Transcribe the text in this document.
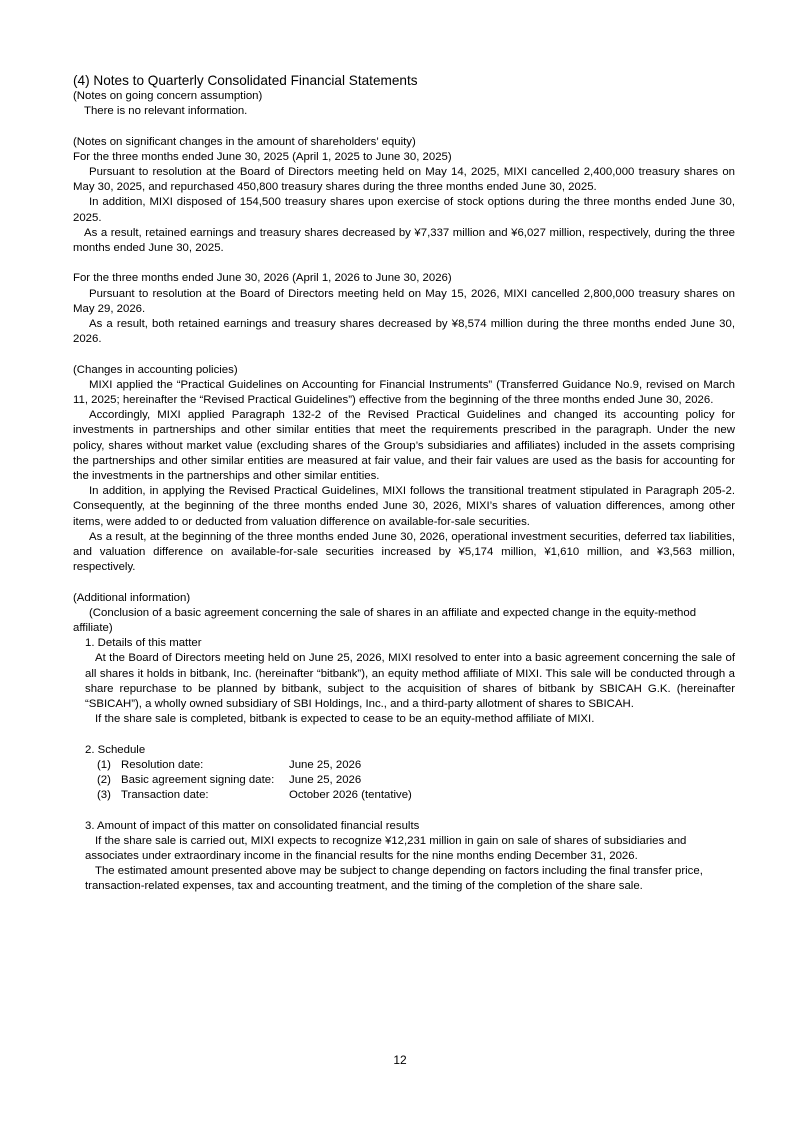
(4) Notes to Quarterly Consolidated Financial Statements

(Notes on going concern assumption)

There is no relevant information.

(Notes on significant changes in the amount of shareholders’ equity)

For the three months ended June 30, 2025 (April 1, 2025 to June 30, 2025)

Pursuant to resolution at the Board of Directors meeting held on May 14, 2025, MIXI cancelled 2,400,000 treasury shares on May 30, 2025, and repurchased 450,800 treasury shares during the three months ended June 30, 2025.

In addition, MIXI disposed of 154,500 treasury shares upon exercise of stock options during the three months ended June 30, 2025.

As a result, retained earnings and treasury shares decreased by ¥7,337 million and ¥6,027 million, respectively, during the three months ended June 30, 2025.

For the three months ended June 30, 2026 (April 1, 2026 to June 30, 2026)

Pursuant to resolution at the Board of Directors meeting held on May 15, 2026, MIXI cancelled 2,800,000 treasury shares on May 29, 2026.

As a result, both retained earnings and treasury shares decreased by ¥8,574 million during the three months ended June 30, 2026.

(Changes in accounting policies)

MIXI applied the “Practical Guidelines on Accounting for Financial Instruments” (Transferred Guidance No.9, revised on March 11, 2025; hereinafter the “Revised Practical Guidelines”) effective from the beginning of the three months ended June 30, 2026.

Accordingly, MIXI applied Paragraph 132-2 of the Revised Practical Guidelines and changed its accounting policy for investments in partnerships and other similar entities that meet the requirements prescribed in the paragraph. Under the new policy, shares without market value (excluding shares of the Group’s subsidiaries and affiliates) included in the assets comprising the partnerships and other similar entities are measured at fair value, and their fair values are used as the basis for accounting for the investments in the partnerships and other similar entities.

In addition, in applying the Revised Practical Guidelines, MIXI follows the transitional treatment stipulated in Paragraph 205-2. Consequently, at the beginning of the three months ended June 30, 2026, MIXI’s shares of valuation differences, among other items, were added to or deducted from valuation difference on available-for-sale securities.

As a result, at the beginning of the three months ended June 30, 2026, operational investment securities, deferred tax liabilities, and valuation difference on available-for-sale securities increased by ¥5,174 million, ¥1,610 million, and ¥3,563 million, respectively.

(Additional information)

(Conclusion of a basic agreement concerning the sale of shares in an affiliate and expected change in the equity-method affiliate)

1. Details of this matter

At the Board of Directors meeting held on June 25, 2026, MIXI resolved to enter into a basic agreement concerning the sale of all shares it holds in bitbank, Inc. (hereinafter “bitbank”), an equity method affiliate of MIXI. This sale will be conducted through a share repurchase to be planned by bitbank, subject to the acquisition of shares of bitbank by SBICAH G.K. (hereinafter “SBICAH”), a wholly owned subsidiary of SBI Holdings, Inc., and a third-party allotment of shares to SBICAH.

If the share sale is completed, bitbank is expected to cease to be an equity-method affiliate of MIXI.

2. Schedule

(1) Resolution date:	June 25, 2026
(2) Basic agreement signing date:	June 25, 2026
(3) Transaction date:	October 2026 (tentative)

3. Amount of impact of this matter on consolidated financial results

If the share sale is carried out, MIXI expects to recognize ¥12,231 million in gain on sale of shares of subsidiaries and associates under extraordinary income in the financial results for the nine months ending December 31, 2026.

The estimated amount presented above may be subject to change depending on factors including the final transfer price, transaction-related expenses, tax and accounting treatment, and the timing of the completion of the share sale.

12
